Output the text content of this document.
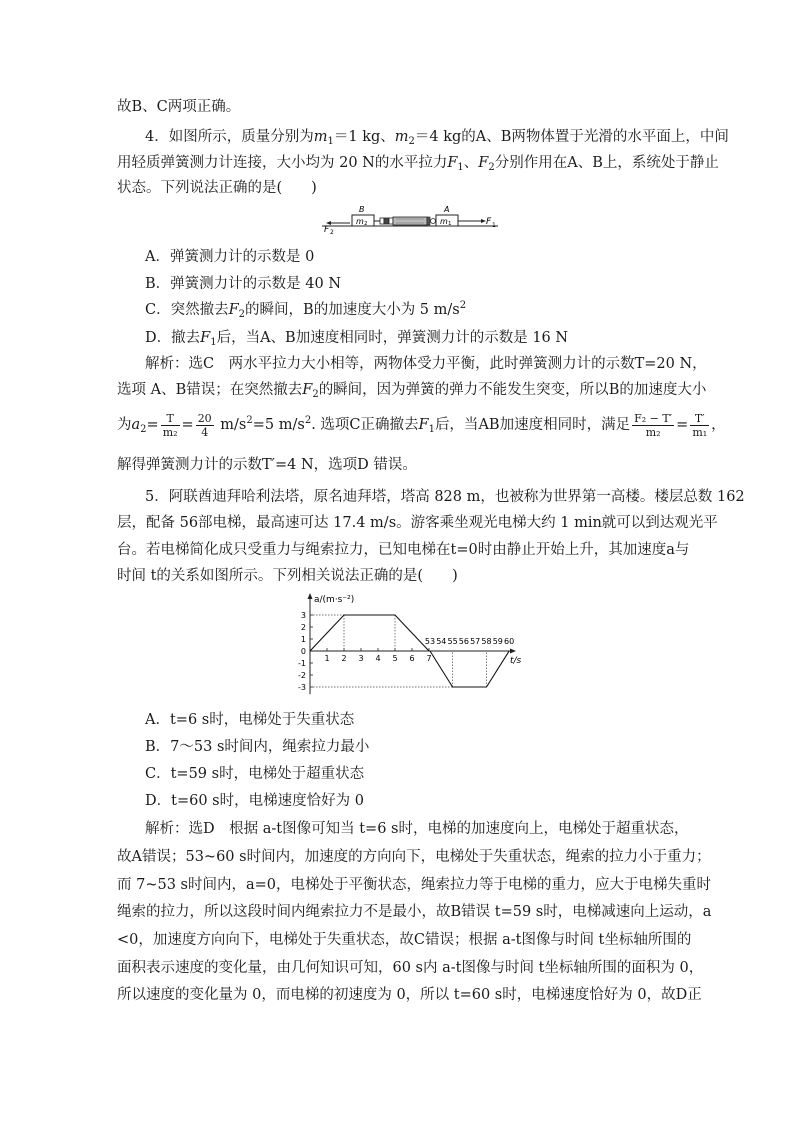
故B、C两项正确。
4．如图所示，质量分别为$m_1=1$ kg、$m_2=4$ kg的A、B两物体置于光滑的水平面上，中间
用轻质弹簧测力计连接，大小均为 20 N的水平拉力$F_1$、$F_2$分别作用在A、B上，系统处于静止
状态。下列说法正确的是(　　)
F 2
B
m 2
A
m 1	F 1
A．弹簧测力计的示数是 0
B．弹簧测力计的示数是 40 N
C．突然撤去$F_2$的瞬间，B的加速度大小为 5 $m/s^2$
D．撤去$F_1$后，当A、B加速度相同时，弹簧测力计的示数是 16 N
解析：选C　两水平拉力大小相等，两物体受力平衡，此时弹簧测力计的示数T=20 N，
选项 A、B错误；在突然撤去$F_2$的瞬间，因为弹簧的弹力不能发生突变，所以B的加速度大小
为$a_2= \frac{T}{\text{m₂}} = \frac{20}{4} m/s^2=5$ $m/s^2$. 选项C正确撤去$F_1$后，当AB加速度相同时，满足 $\frac{\text{F₂ − T′}}{\text{m₂}} = \frac{T'}{\text{m₁}}$ ，
解得弹簧测力计的示数T′=4 N，选项D 错误。
5．阿联酋迪拜哈利法塔，原名迪拜塔，塔高 828 m，也被称为世界第一高楼。楼层总数 162
层，配备 56部电梯，最高速可达 17.4 m/s。游客乘坐观光电梯大约 1 min就可以到达观光平
台。若电梯简化成只受重力与绳索拉力，已知电梯在t=0时由静止开始上升，其加速度a与
时间 t的关系如图所示。下列相关说法正确的是(　　)
a/(m·s⁻²)
t/s
3
2
1
0
-1
-2
-3
1 2 3 4 5 6 7
53 54 55 56 57 58 59 60
A．t=6 s时，电梯处于失重状态
B．7～53 s时间内，绳索拉力最小
C．t=59 s时，电梯处于超重状态
D．t=60 s时，电梯速度恰好为 0
解析：选D　根据 a-t图像可知当 t=6 s时，电梯的加速度向上，电梯处于超重状态，
故A错误；53~60 s时间内，加速度的方向向下，电梯处于失重状态，绳索的拉力小于重力；
而 7~53 s时间内，a=0，电梯处于平衡状态，绳索拉力等于电梯的重力，应大于电梯失重时
绳索的拉力，所以这段时间内绳索拉力不是最小，故B错误 t=59 s时，电梯减速向上运动，a
<0，加速度方向向下，电梯处于失重状态，故C错误；根据 a-t图像与时间 t坐标轴所围的
面积表示速度的变化量，由几何知识可知，60 s内 a-t图像与时间 t坐标轴所围的面积为 0，
所以速度的变化量为 0，而电梯的初速度为 0，所以 t=60 s时，电梯速度恰好为 0，故D正
